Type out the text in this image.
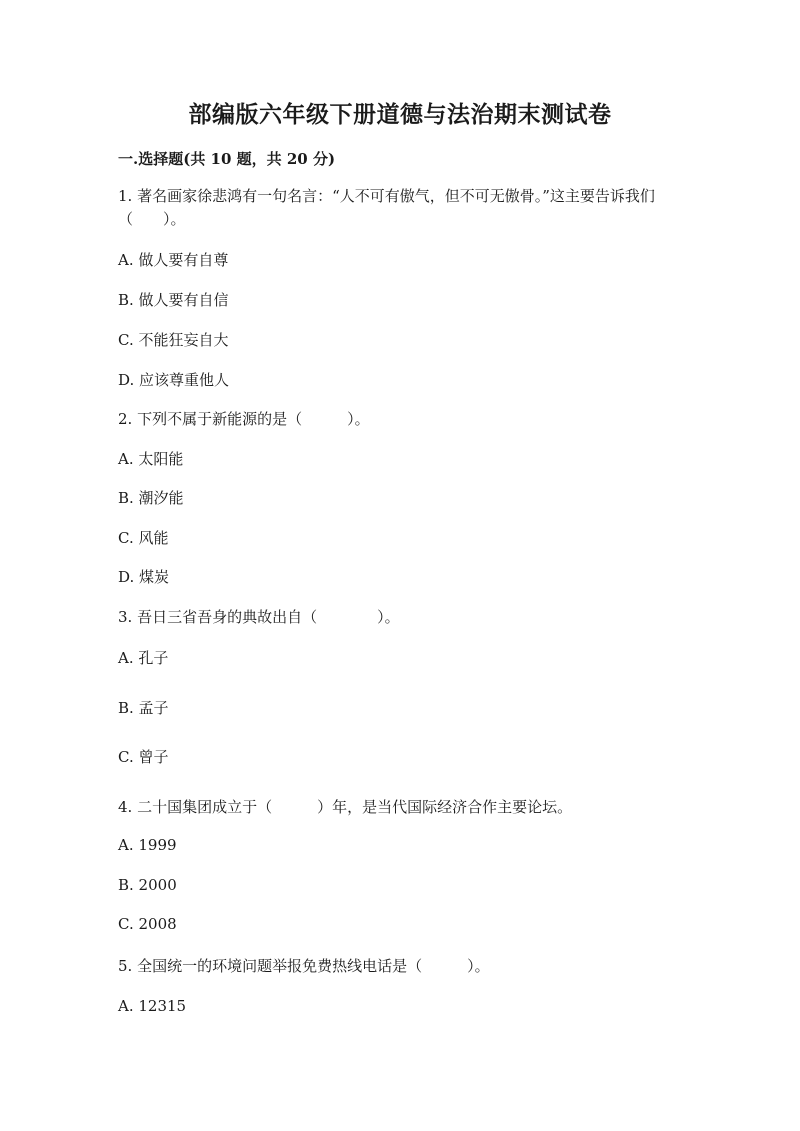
部编版六年级下册道德与法治期末测试卷
一.选择题(共 10 题，共 20 分)
1. 著名画家徐悲鸿有一句名言：“人不可有傲气，但不可无傲骨。”这主要告诉我们（　　）。
A. 做人要有自尊
B. 做人要有自信
C. 不能狂妄自大
D. 应该尊重他人
2. 下列不属于新能源的是（　　　）。
A. 太阳能
B. 潮汐能
C. 风能
D. 煤炭
3. 吾日三省吾身的典故出自（　　　　）。
A. 孔子
B. 孟子
C. 曾子
4. 二十国集团成立于（　　　）年，是当代国际经济合作主要论坛。
A. 1999
B. 2000
C. 2008
5. 全国统一的环境问题举报免费热线电话是（　　　）。
A. 12315
